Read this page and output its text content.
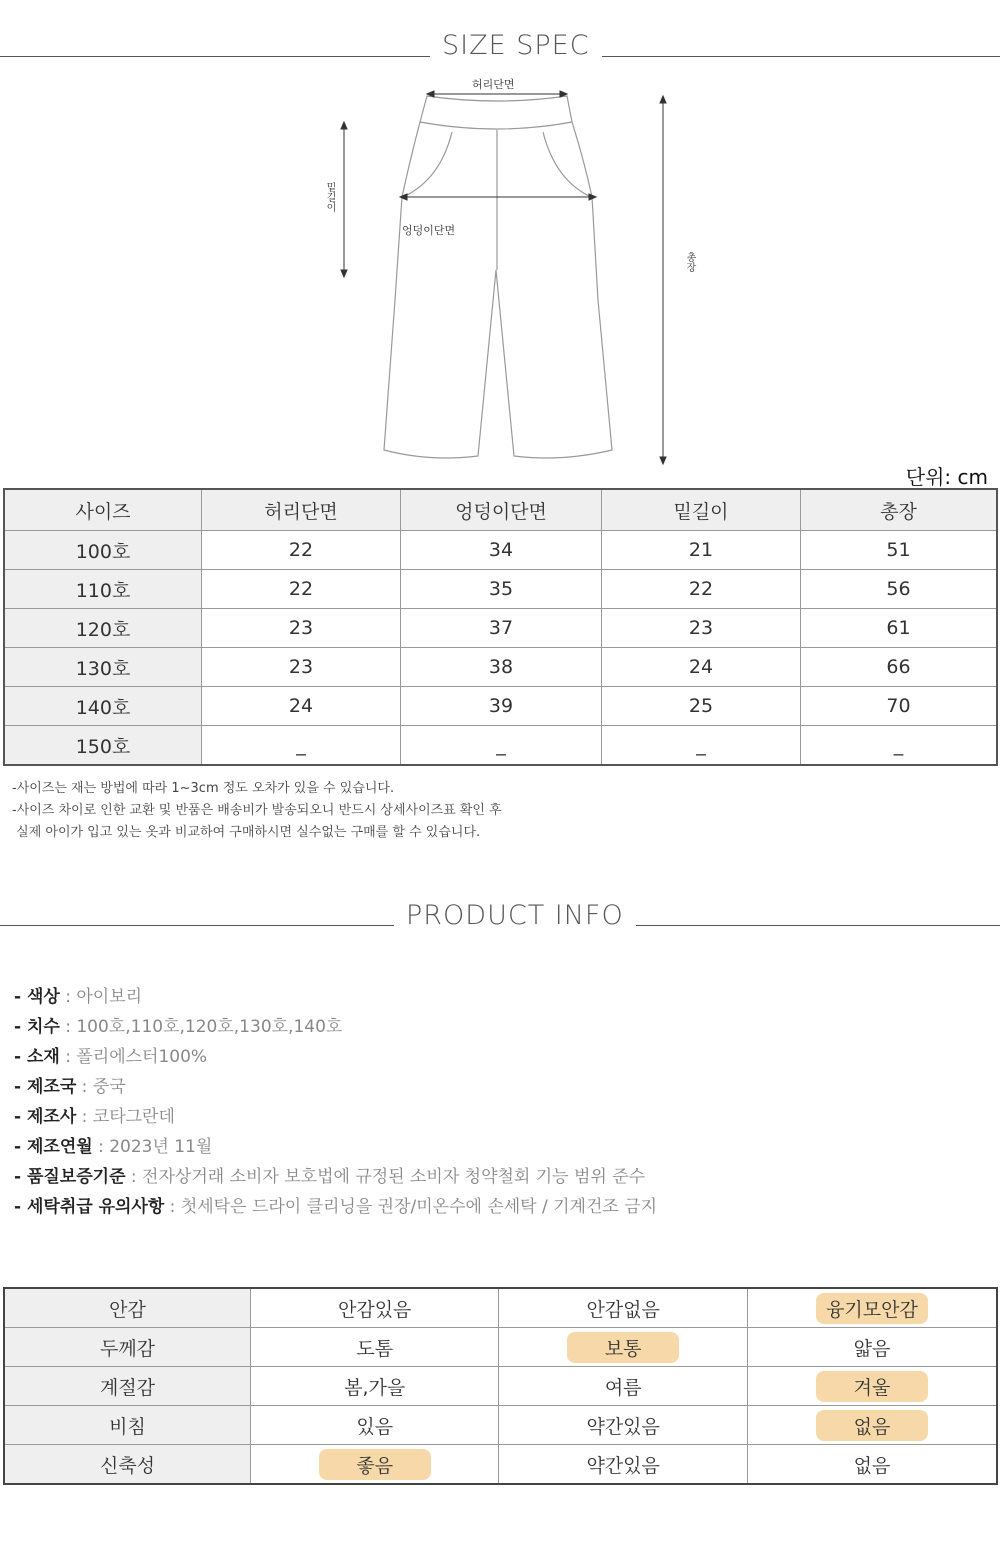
SIZE SPEC
허리단면
엉덩이단면
밑길이
총장
단위: cm
사이즈	허리단면	엉덩이단면	밑길이	총장
100호	22	34	21	51
110호	22	35	22	56
120호	23	37	23	61
130호	23	38	24	66
140호	24	39	25	70
150호	_	_	_	_
-사이즈는 재는 방법에 따라 1~3cm 정도 오차가 있을 수 있습니다.
-사이즈 차이로 인한 교환 및 반품은 배송비가 발송되오니 반드시 상세사이즈표 확인 후
실제 아이가 입고 있는 옷과 비교하여 구매하시면 실수없는 구매를 할 수 있습니다.
PRODUCT INFO
- 색상 : 아이보리
- 치수 : 100호,110호,120호,130호,140호
- 소재 : 폴리에스터100%
- 제조국 : 중국
- 제조사 : 코타그란데
- 제조연월 : 2023년 11월
- 품질보증기준 : 전자상거래 소비자 보호법에 규정된 소비자 청약철회 기능 범위 준수
- 세탁취급 유의사항 : 첫세탁은 드라이 클리닝을 권장/미온수에 손세탁 / 기계건조 금지
안감	안감있음	안감없음	융기모안감
두께감	도톰	보통	얇음
계절감	봄,가을	여름	겨울
비침	있음	약간있음	없음
신축성	좋음	약간있음	없음
